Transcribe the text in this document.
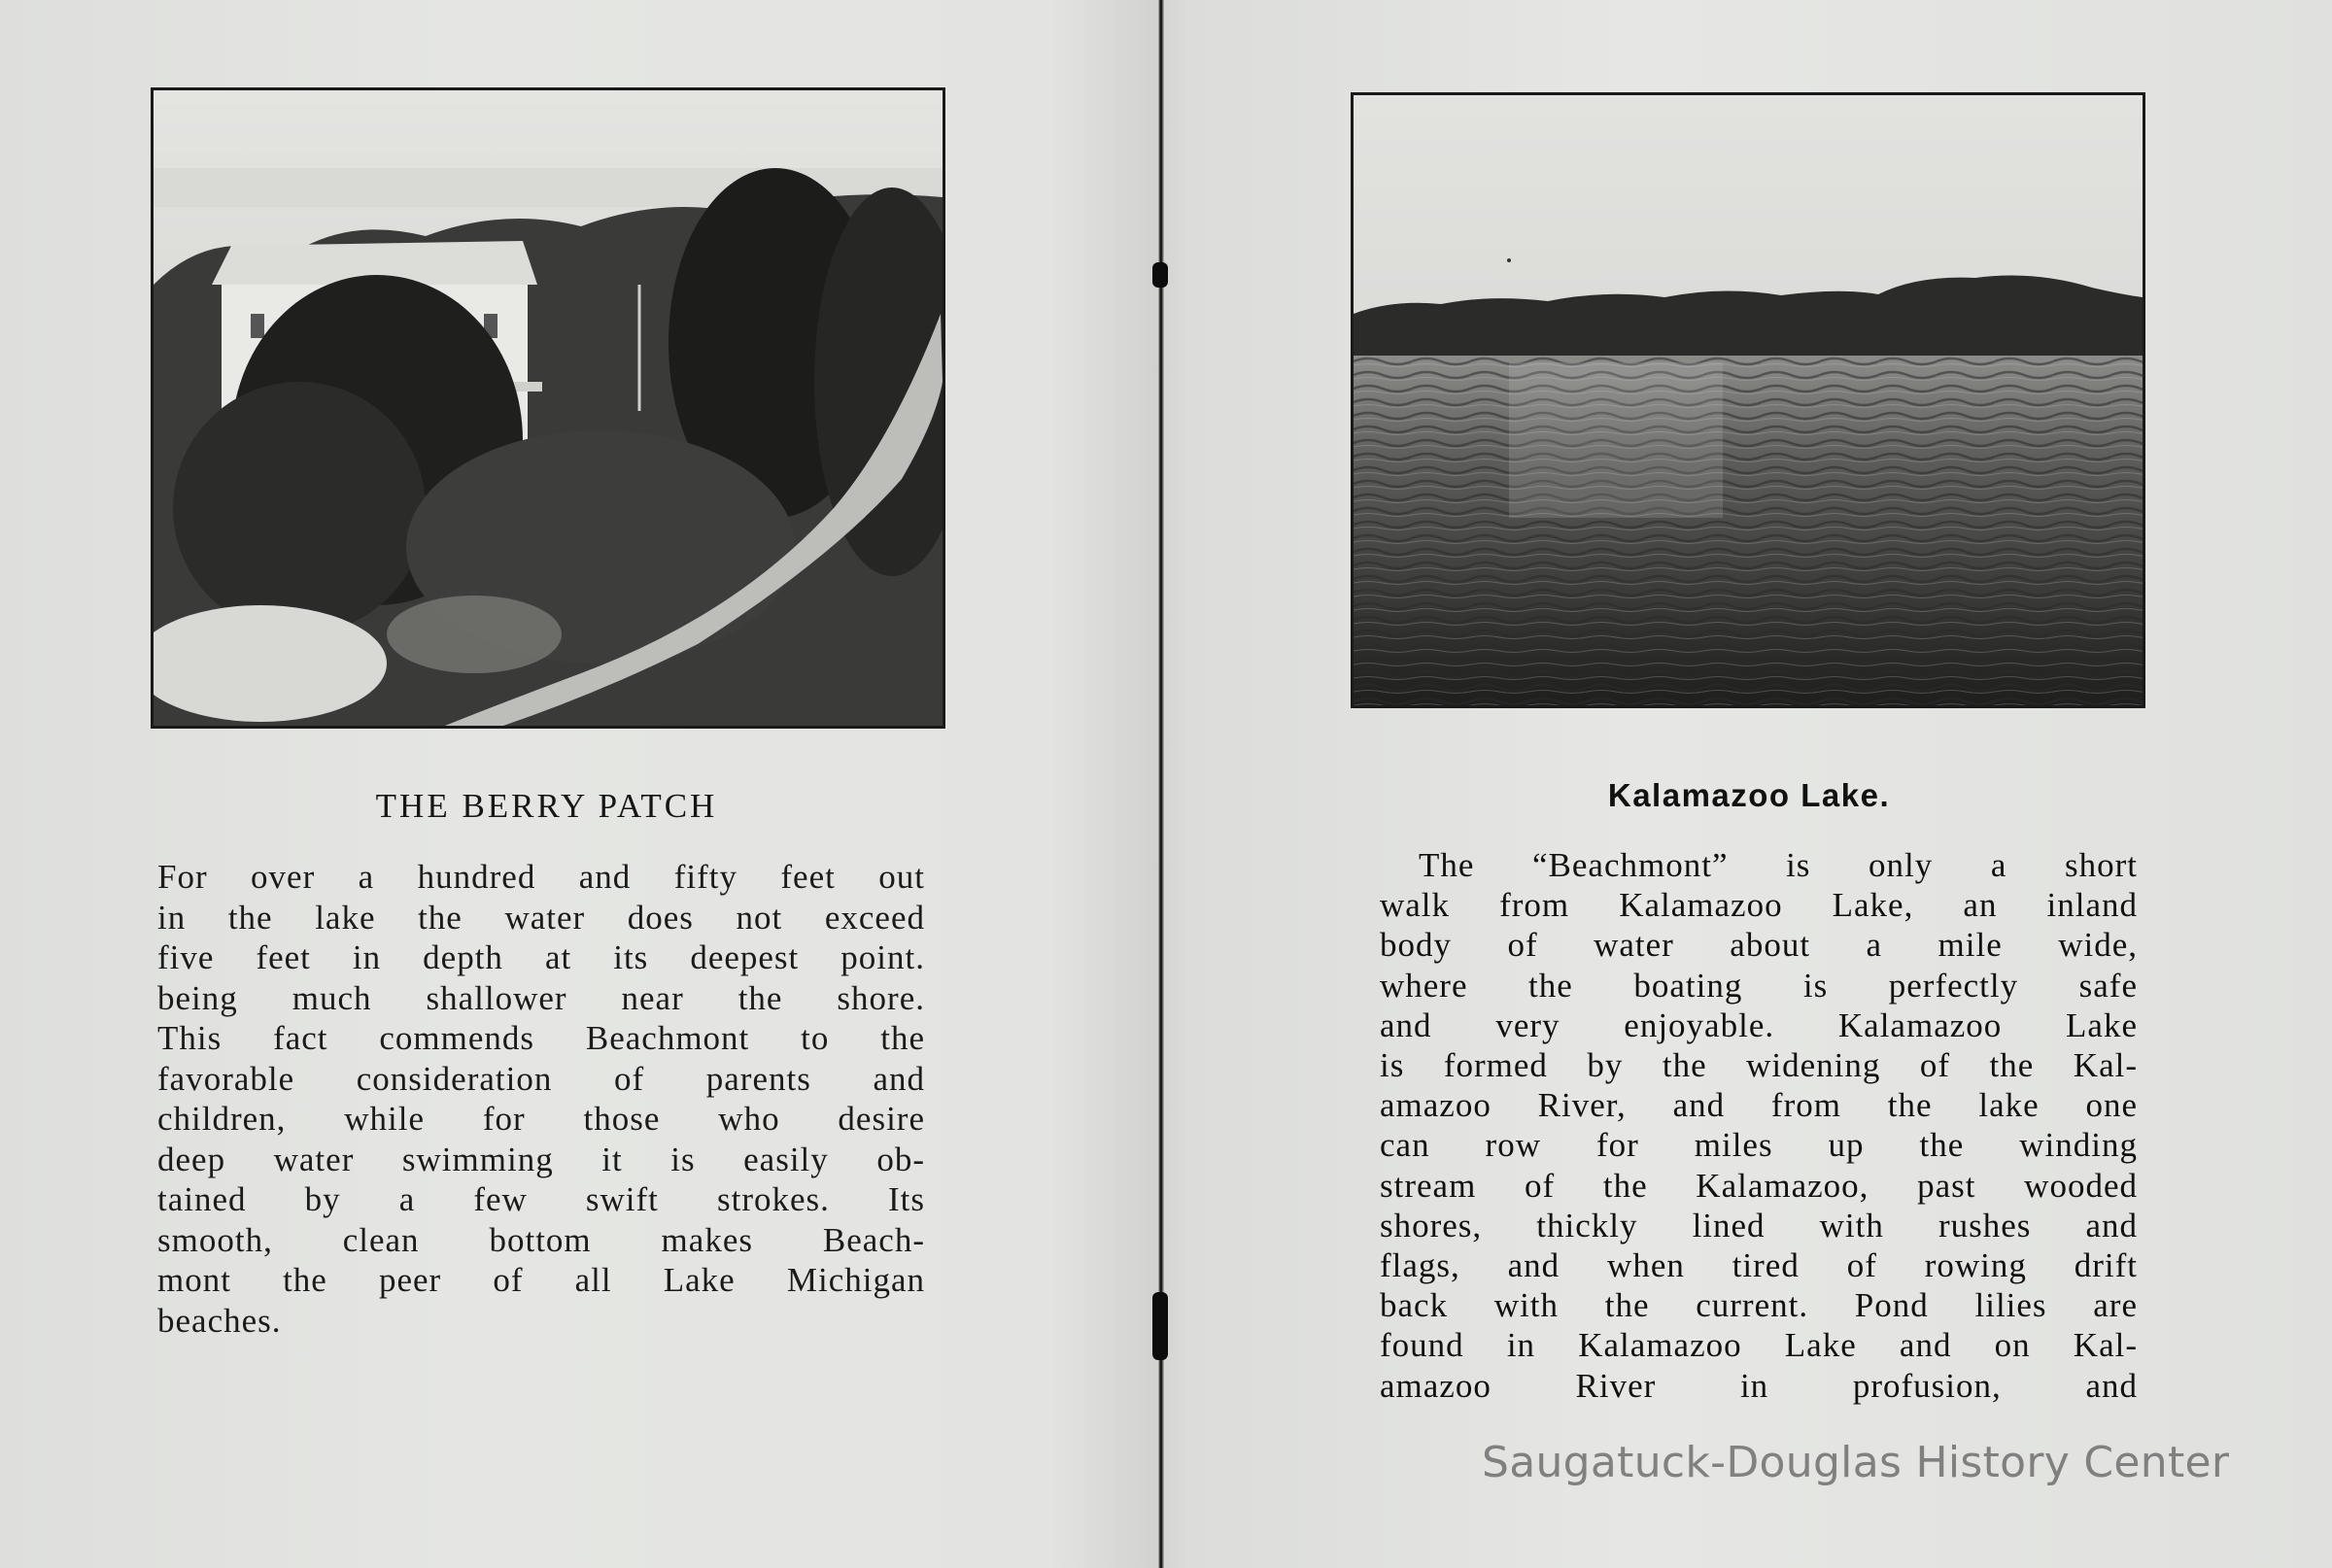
THE BERRY PATCH
For over a hundred and fifty feet out
in the lake the water does not exceed
five feet in depth at its deepest point.
being much shallower near the shore.
This fact commends Beachmont to the
favorable consideration of parents and
children, while for those who desire
deep water swimming it is easily ob-
tained by a few swift strokes. Its
smooth, clean bottom makes Beach-
mont the peer of all Lake Michigan
beaches.
Kalamazoo Lake.
The “Beachmont” is only a short
walk from Kalamazoo Lake, an inland
body of water about a mile wide,
where the boating is perfectly safe
and very enjoyable. Kalamazoo Lake
is formed by the widening of the Kal-
amazoo River, and from the lake one
can row for miles up the winding
stream of the Kalamazoo, past wooded
shores, thickly lined with rushes and
flags, and when tired of rowing drift
back with the current. Pond lilies are
found in Kalamazoo Lake and on Kal-
amazoo River in profusion, and
Saugatuck-Douglas History Center
